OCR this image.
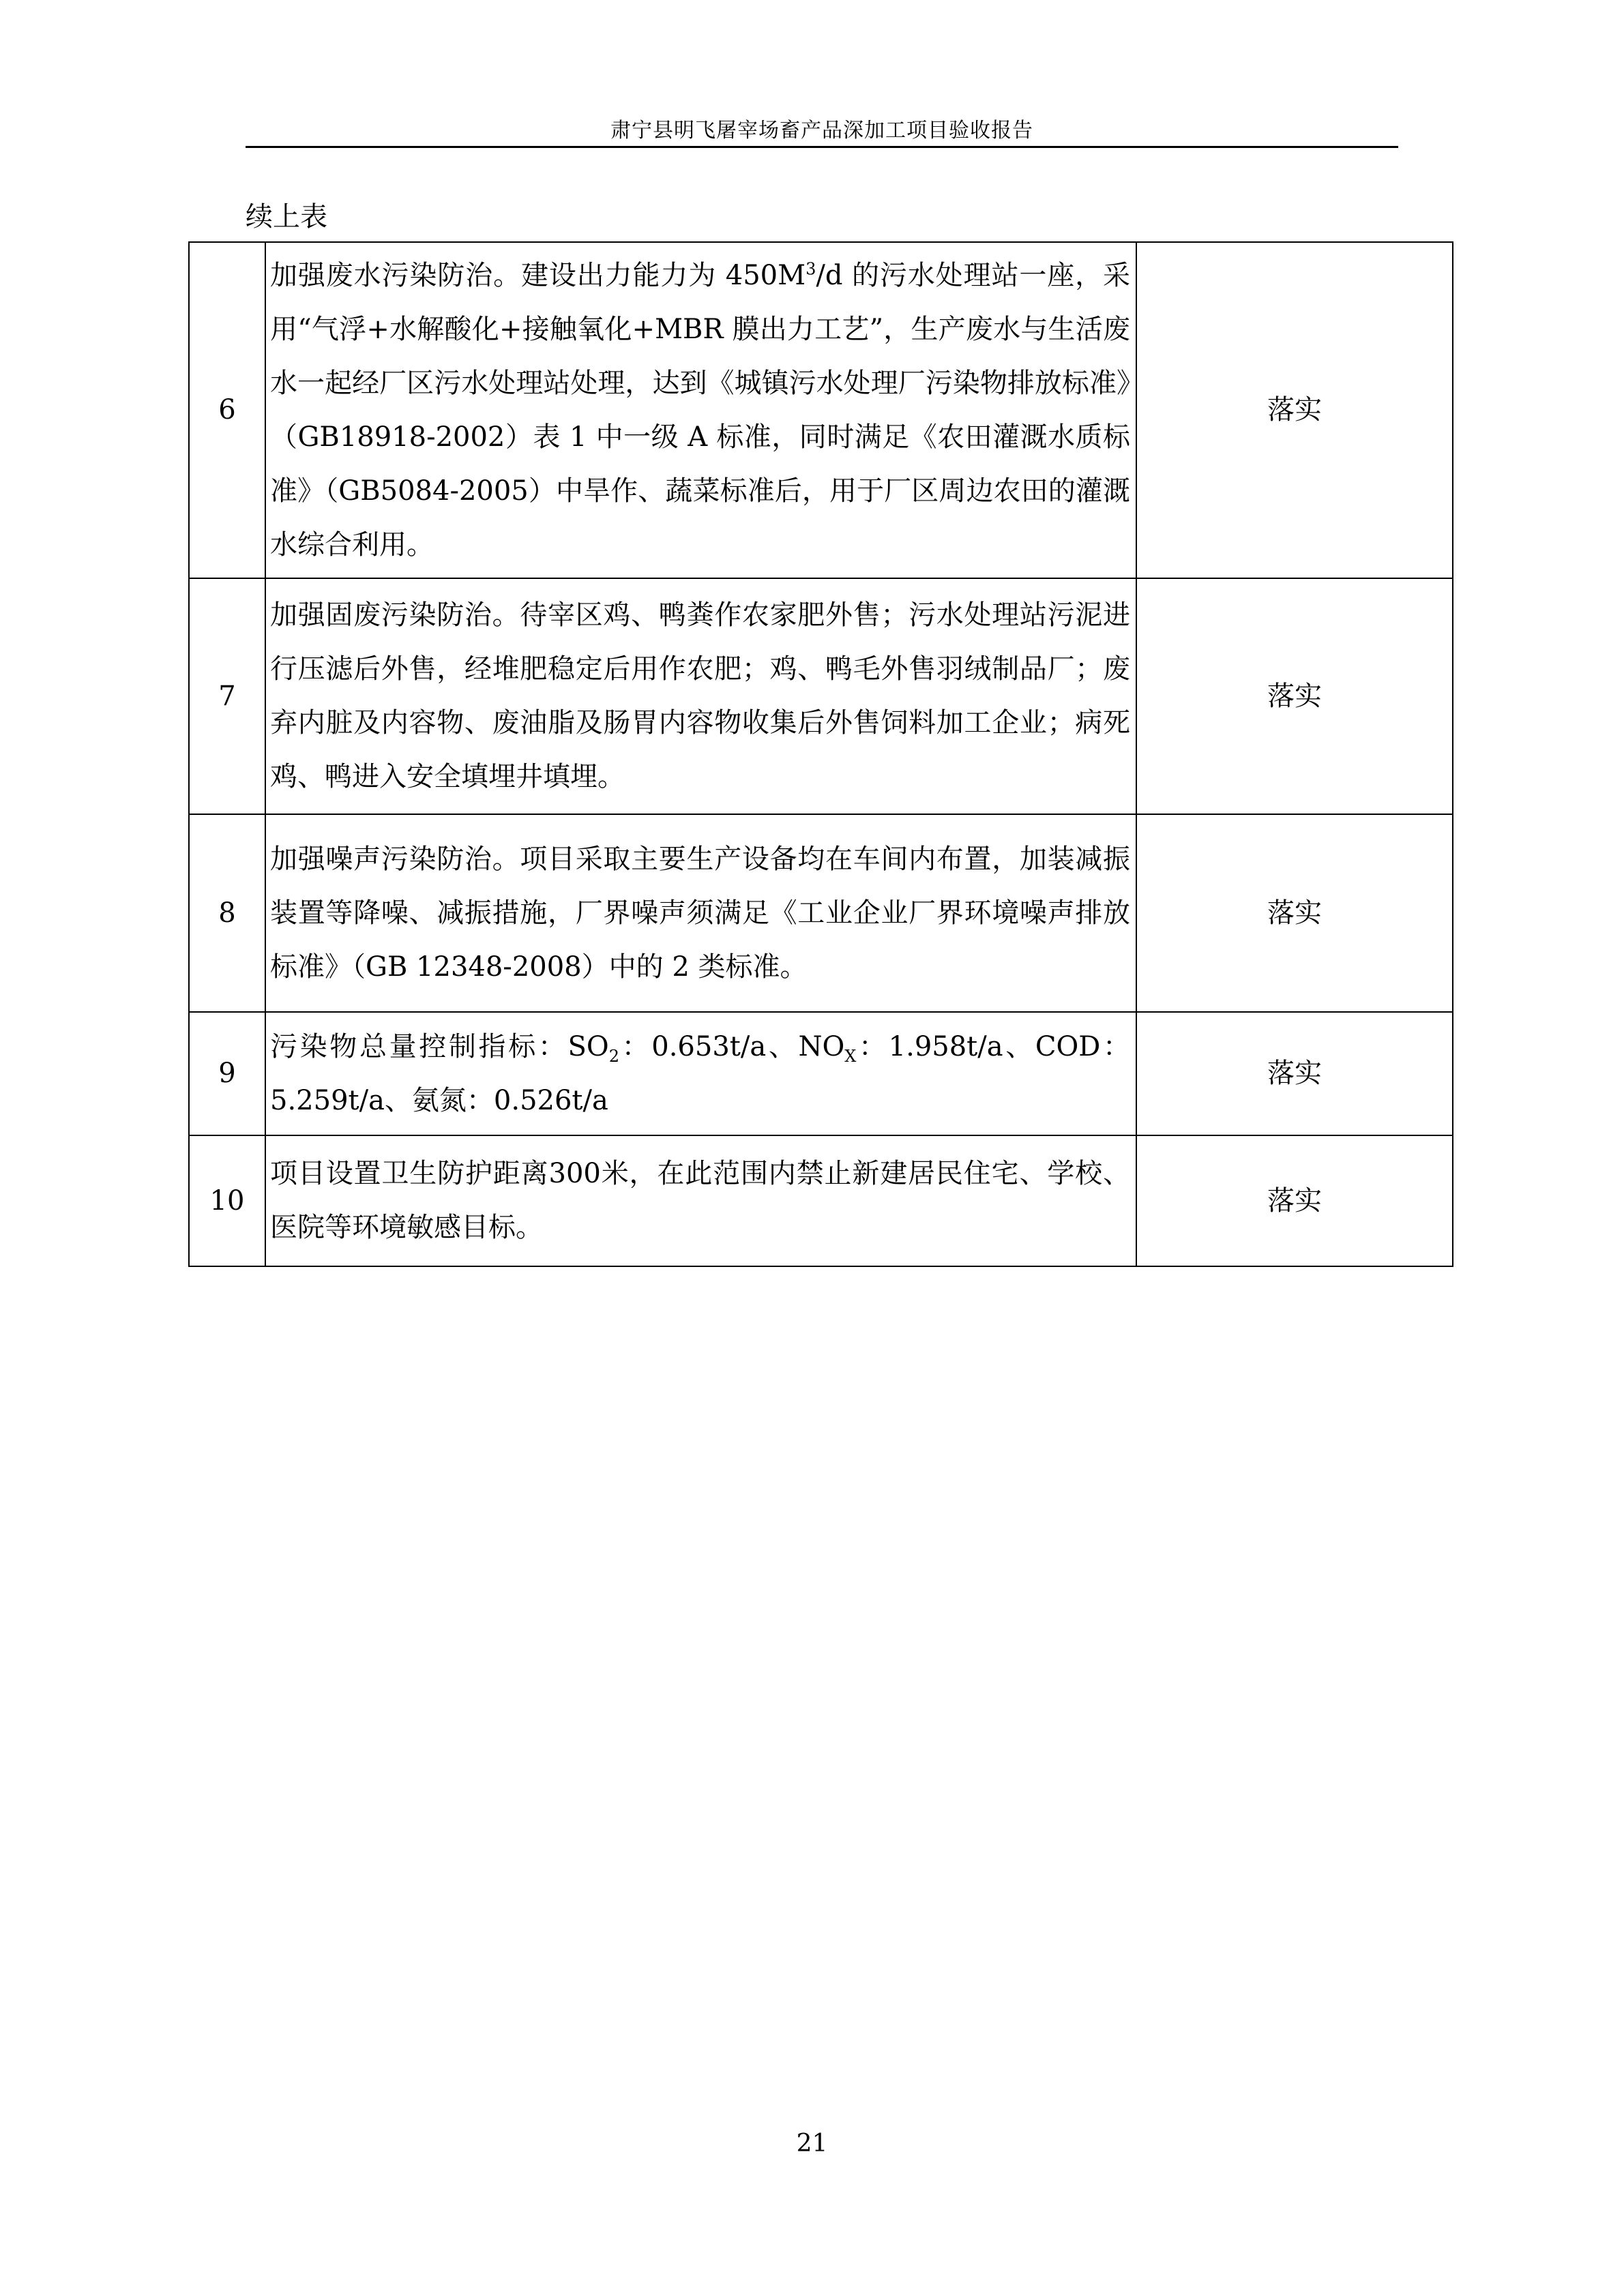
肃宁县明飞屠宰场畜产品深加工项目验收报告
续上表
6	加强废水污染防治。建设出力能力为 $450M^3/d$ 的污水处理站一座，采用“气浮+水解酸化+接触氧化+MBR 膜出力工艺”，生产废水与生活废水一起经厂区污水处理站处理，达到《城镇污水处理厂污染物排放标准》（GB18918-2002）表 1 中一级 A 标准，同时满足《农田灌溉水质标准》（GB5084-2005）中旱作、蔬菜标准后，用于厂区周边农田的灌溉水综合利用。	落实
7	加强固废污染防治。待宰区鸡、鸭粪作农家肥外售；污水处理站污泥进行压滤后外售，经堆肥稳定后用作农肥；鸡、鸭毛外售羽绒制品厂；废弃内脏及内容物、废油脂及肠胃内容物收集后外售饲料加工企业；病死鸡、鸭进入安全填埋井填埋。	落实
8	加强噪声污染防治。项目采取主要生产设备均在车间内布置，加装减振装置等降噪、减振措施，厂界噪声须满足《工业企业厂界环境噪声排放标准》（GB 12348-2008）中的 2 类标准。	落实
9	污染物总量控制指标：$SO_2$：0.653t/a、$NO_X$：1.958t/a、COD：5.259t/a、氨氮：0.526t/a	落实
10	项目设置卫生防护距离300米，在此范围内禁止新建居民住宅、学校、医院等环境敏感目标。	落实
21
